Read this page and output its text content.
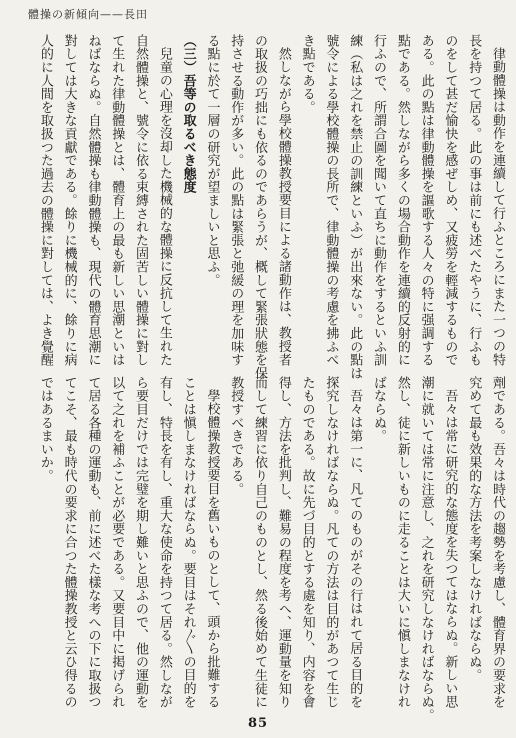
體操の新傾向——長田
律動體操は動作を連續して行ふところにまた一つの特
長を持つて居る。此の事は前にも述べたやうに、行ふも
のをして甚だ愉快を感ぜしめ、又疲勞を輕減するもので
ある。此の點は律動體操を謳歌する人々の特に强調する
點である。然しながら多くの場合動作を連續的反射的に
行ふので、所謂合圖を聞いて直ちに動作をするといふ訓
練（私は之れを禁止の訓練といふ）が出來ない。此の點は
號令による學校體操の長所で、律動體操の考慮を拂ふべ
き點である。
然しながら學校體操教授要目による諸動作は、教授者
の取扱の巧拙にも依るのであらうが、概して緊張狀態を保
持させる動作が多い。此の點は緊張と弛緩の理を加味す
る點に於て一層の研究が望ましいと思ふ。
（三）吾等の取るべき態度
兒童の心理を沒却した機械的な體操に反抗して生れた
自然體操と、號令に依る束縛された固苦しい體操に對し
て生れた律動體操とは、體育上の最も新しい思潮といは
ねばならぬ。自然體操も律動體操も、現代の體育思潮に
對しては大きな貢獻である。餘りに機械的に、餘りに病
人的に人間を取扱つた過去の體操に對しては、よき覺醒
劑である。吾々は時代の趨勢を考慮し、體育界の要求を
究めて最も效果的な方法を考案しなければならぬ。
吾々は常に研究的な態度を失つてはならぬ。新しい思
潮に就いては常に注意し、之れを研究しなければならぬ。
然し、徒に新しいものに走ることは大いに愼しまなけれ
ばならぬ。
吾々は第一に、凡てのものがその行はれて居る目的を
探究しなければならぬ。凡ての方法は目的があつて生じ
たものである。故に先づ目的とする處を知り、内容を會
得し、方法を批判し、難易の程度を考へ、運動量を知り
而して練習に依り自己のものとし、然る後始めて生徒に
教授すべきである。
學校體操教授要目を舊いものとして、頭から批難する
ことは愼しまなければならぬ。要目はそれ〴〵の目的を
有し、特長を有し、重大な使命を持つて居る。然しなが
ら要目だけでは完璧を期し難いと思ふので、他の運動を
以て之れを補ふことが必要である。又要目中に掲げられ
て居る各種の運動も、前に述べた樣な考への下に取扱つ
てこそ、最も時代の要求に合つた體操教授と云ひ得るの
ではあるまいか。
85
